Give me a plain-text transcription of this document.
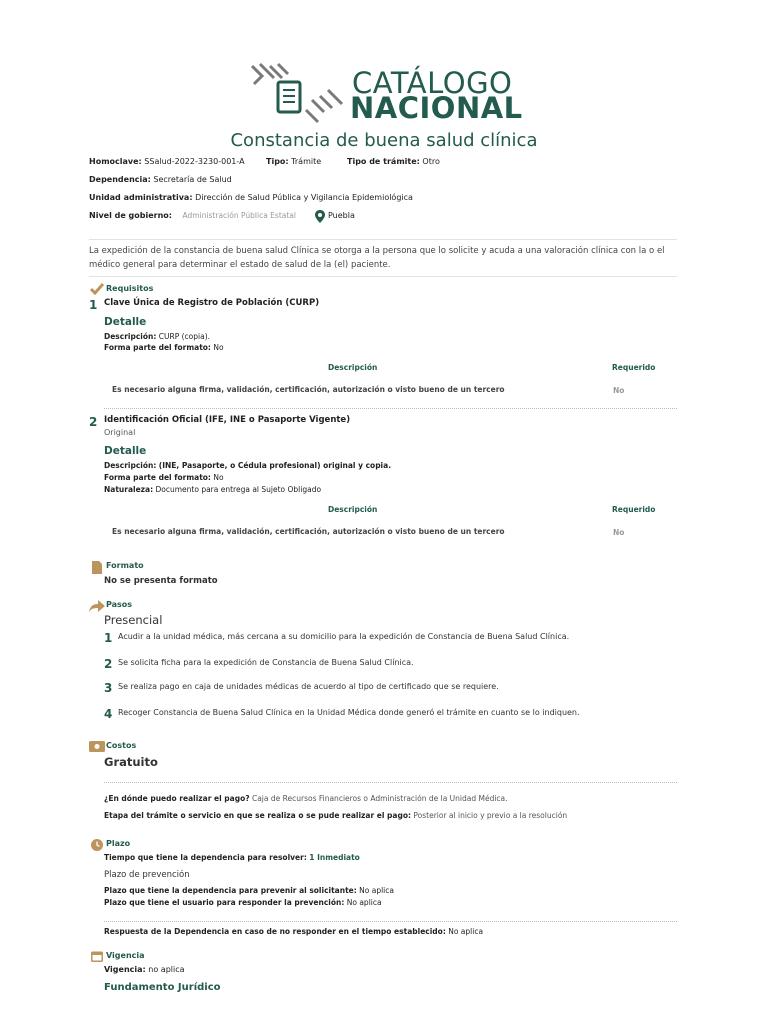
CATÁLOGO
NACIONAL
Constancia de buena salud clínica
Homoclave: SSalud-2022-3230-001-A	Tipo: Trámite	Tipo de trámite: Otro
Dependencia: Secretaría de Salud
Unidad administrativa: Dirección de Salud Pública y Vigilancia Epidemiológica
Nivel de gobierno: Administración Pública Estatal	Puebla
La expedición de la constancia de buena salud Clínica se otorga a la persona que lo solicite y acuda a una valoración clínica con la o el médico general para determinar el estado de salud de la (el) paciente.
Requisitos
1 Clave Única de Registro de Población (CURP)
Detalle
Descripción: CURP (copia).
Forma parte del formato: No
Descripción	Requerido
Es necesario alguna firma, validación, certificación, autorización o visto bueno de un tercero	No
2 Identificación Oficial (IFE, INE o Pasaporte Vigente)
Original
Detalle
Descripción: (INE, Pasaporte, o Cédula profesional) original y copia.
Forma parte del formato: No
Naturaleza: Documento para entrega al Sujeto Obligado
Descripción	Requerido
Es necesario alguna firma, validación, certificación, autorización o visto bueno de un tercero	No
Formato
No se presenta formato
Pasos
Presencial
1 Acudir a la unidad médica, más cercana a su domicilio para la expedición de Constancia de Buena Salud Clínica.
2 Se solicita ficha para la expedición de Constancia de Buena Salud Clínica.
3 Se realiza pago en caja de unidades médicas de acuerdo al tipo de certificado que se requiere.
4 Recoger Constancia de Buena Salud Clínica en la Unidad Médica donde generó el trámite en cuanto se lo indiquen.
Costos
Gratuito
¿En dónde puedo realizar el pago? Caja de Recursos Financieros o Administración de la Unidad Médica.
Etapa del trámite o servicio en que se realiza o se pude realizar el pago: Posterior al inicio y previo a la resolución
Plazo
Tiempo que tiene la dependencia para resolver: 1 Inmediato
Plazo de prevención
Plazo que tiene la dependencia para prevenir al solicitante: No aplica
Plazo que tiene el usuario para responder la prevención: No aplica
Respuesta de la Dependencia en caso de no responder en el tiempo establecido: No aplica
Vigencia
Vigencia: no aplica
Fundamento Jurídico
